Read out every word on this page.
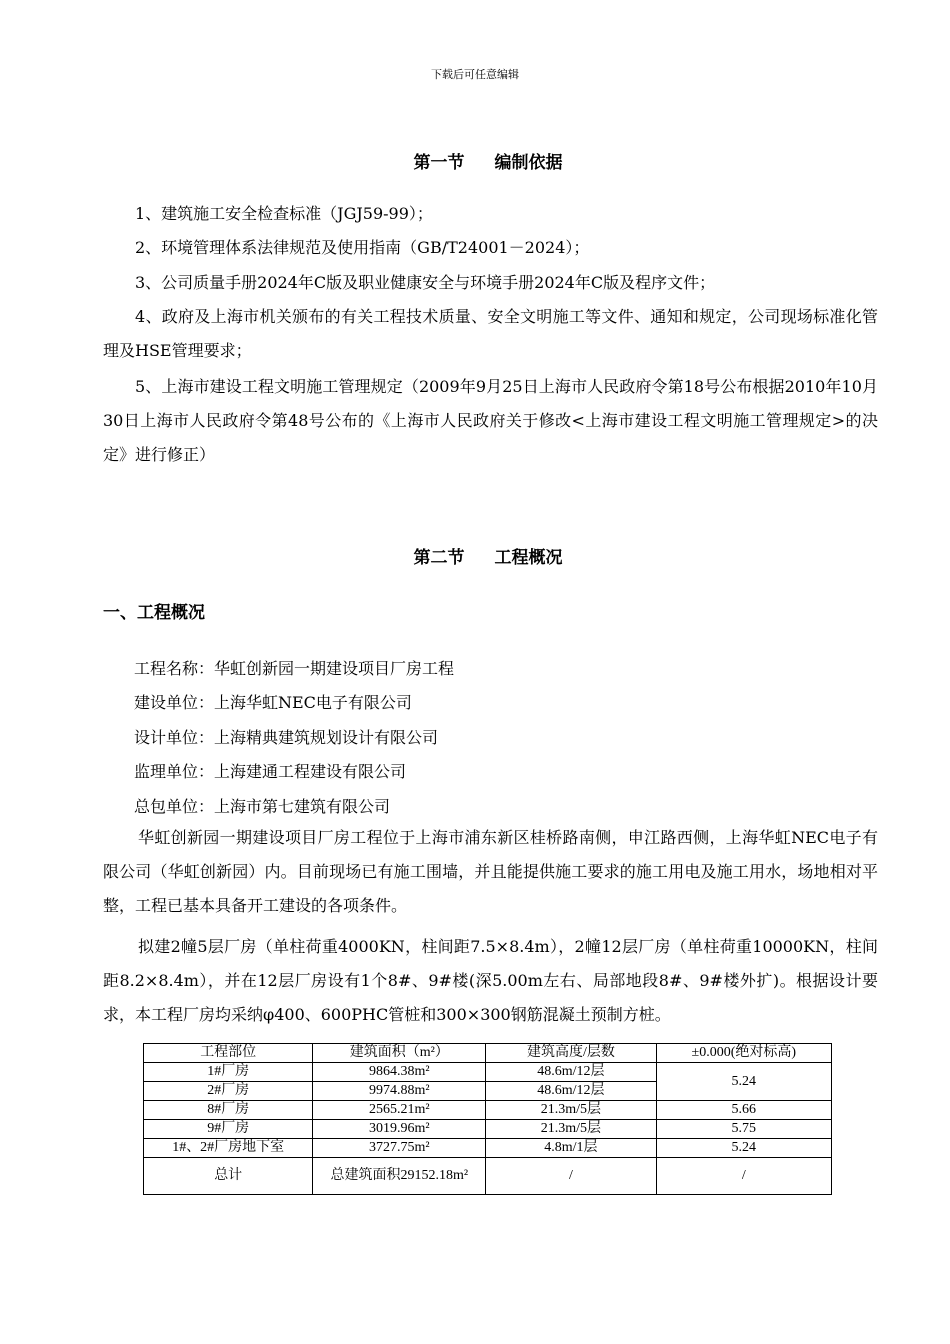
下载后可任意编辑
第一节 编制依据
1、建筑施工安全检查标准（JGJ59-99）；
2、环境管理体系法律规范及使用指南（GB/T24001－2024）；
3、公司质量手册2024年C版及职业健康安全与环境手册2024年C版及程序文件；
4、政府及上海市机关颁布的有关工程技术质量、安全文明施工等文件、通知和规定，公司现场标准化管理及HSE管理要求；
5、上海市建设工程文明施工管理规定（2009年9月25日上海市人民政府令第18号公布根据2010年10月30日上海市人民政府令第48号公布的《上海市人民政府关于修改<上海市建设工程文明施工管理规定>的决定》进行修正）
第二节 工程概况
一、工程概况
工程名称：华虹创新园一期建设项目厂房工程
建设单位：上海华虹NEC电子有限公司
设计单位：上海精典建筑规划设计有限公司
监理单位：上海建通工程建设有限公司
总包单位：上海市第七建筑有限公司
华虹创新园一期建设项目厂房工程位于上海市浦东新区桂桥路南侧，申江路西侧，上海华虹NEC电子有限公司（华虹创新园）内。目前现场已有施工围墙，并且能提供施工要求的施工用电及施工用水，场地相对平整，工程已基本具备开工建设的各项条件。
拟建2幢5层厂房（单柱荷重4000KN，柱间距7.5×8.4m），2幢12层厂房（单柱荷重10000KN，柱间距8.2×8.4m），并在12层厂房设有1个8#、9#楼(深5.00m左右、局部地段8#、9#楼外扩)。根据设计要求，本工程厂房均采纳φ400、600PHC管桩和300×300钢筋混凝土预制方桩。
工程部位	建筑面积（m²）	建筑高度/层数	±0.000(绝对标高)
1#厂房	9864.38m²	48.6m/12层	5.24
2#厂房	9974.88m²	48.6m/12层	
8#厂房	2565.21m²	21.3m/5层	5.66
9#厂房	3019.96m²	21.3m/5层	5.75
1#、2#厂房地下室	3727.75m²	4.8m/1层	5.24
总计	总建筑面积29152.18m²	/	/
